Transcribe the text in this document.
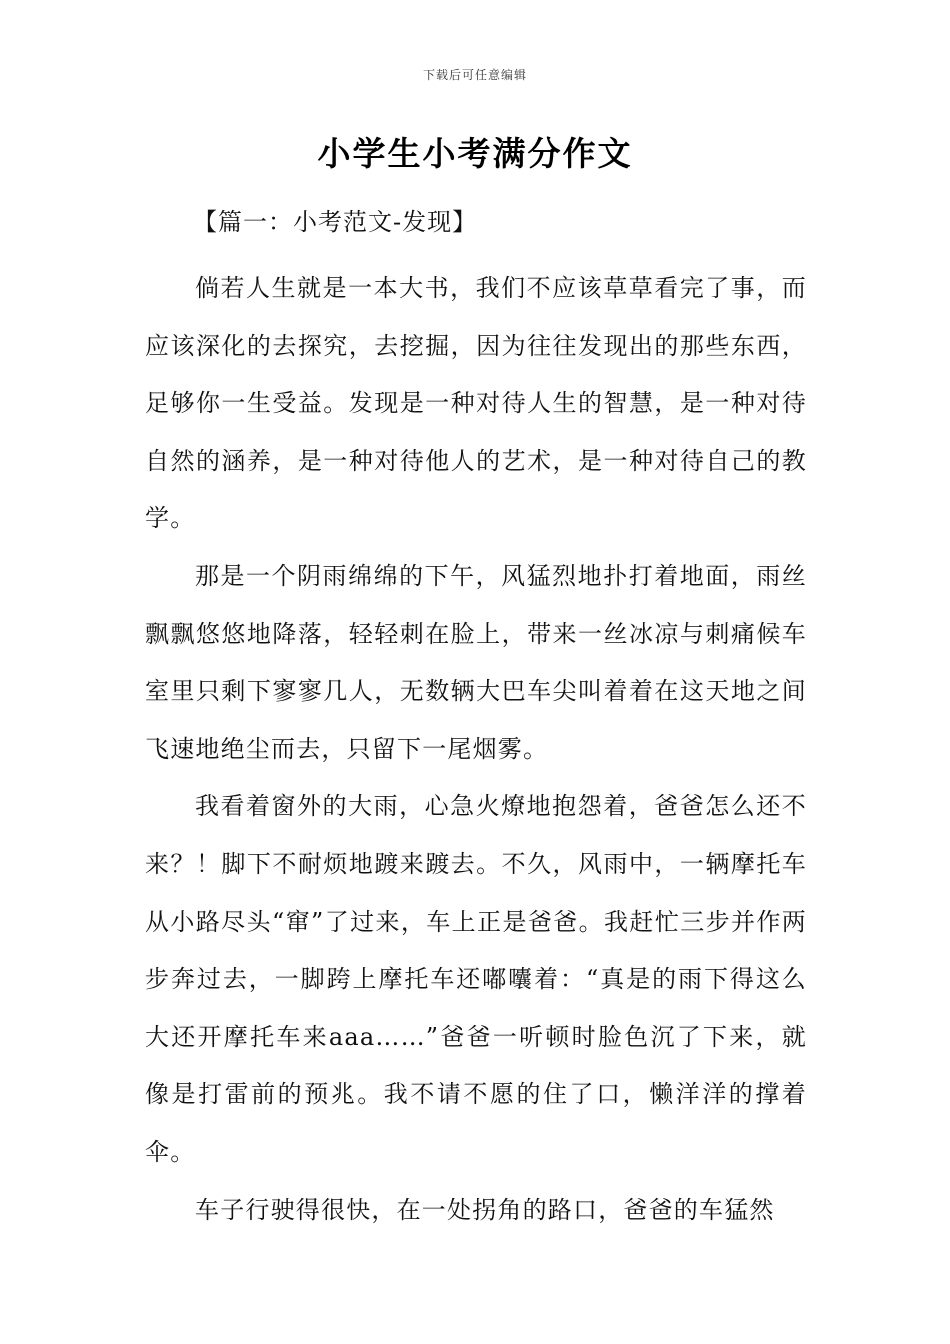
下载后可任意编辑
小学生小考满分作文

【篇一：小考范文-发现】

倘若人生就是一本大书，我们不应该草草看完了事，而应该深化的去探究，去挖掘，因为往往发现出的那些东西，足够你一生受益。发现是一种对待人生的智慧，是一种对待自然的涵养，是一种对待他人的艺术，是一种对待自己的教学。

那是一个阴雨绵绵的下午，风猛烈地扑打着地面，雨丝飘飘悠悠地降落，轻轻刺在脸上，带来一丝冰凉与刺痛候车室里只剩下寥寥几人，无数辆大巴车尖叫着着在这天地之间飞速地绝尘而去，只留下一尾烟雾。

我看着窗外的大雨，心急火燎地抱怨着，爸爸怎么还不来？！脚下不耐烦地踱来踱去。不久，风雨中，一辆摩托车从小路尽头“窜”了过来，车上正是爸爸。我赶忙三步并作两步奔过去，一脚跨上摩托车还嘟囔着：“真是的雨下得这么大还开摩托车来aaa……”爸爸一听顿时脸色沉了下来，就像是打雷前的预兆。我不请不愿的住了口，懒洋洋的撑着伞。

车子行驶得很快，在一处拐角的路口，爸爸的车猛然
